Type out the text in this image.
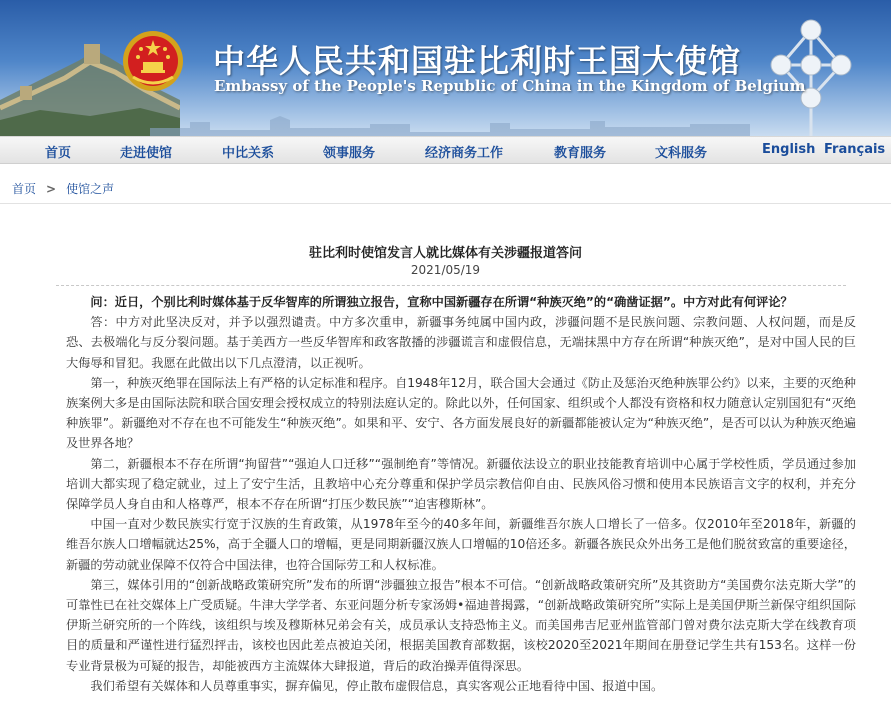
中华人民共和国驻比利时王国大使馆
Embassy of the People's Republic of China in the Kingdom of Belgium
首页	走进使馆	中比关系	领事服务	经济商务工作	教育服务	文科服务	English Français
首页 > 使馆之声
驻比利时使馆发言人就比媒体有关涉疆报道答问
2021/05/19

问：近日，个别比利时媒体基于反华智库的所谓独立报告，宣称中国新疆存在所谓“种族灭绝”的“确凿证据”。中方对此有何评论？

答：中方对此坚决反对，并予以强烈谴责。中方多次重申，新疆事务纯属中国内政，涉疆问题不是民族问题、宗教问题、人权问题，而是反恐、去极端化与反分裂问题。基于美西方一些反华智库和政客散播的涉疆谎言和虚假信息，无端抹黑中方存在所谓“种族灭绝”，是对中国人民的巨大侮辱和冒犯。我愿在此做出以下几点澄清，以正视听。

第一，种族灭绝罪在国际法上有严格的认定标准和程序。自1948年12月，联合国大会通过《防止及惩治灭绝种族罪公约》以来，主要的灭绝种族案例大多是由国际法院和联合国安理会授权成立的特别法庭认定的。除此以外，任何国家、组织或个人都没有资格和权力随意认定别国犯有“灭绝种族罪”。新疆绝对不存在也不可能发生“种族灭绝”。如果和平、安宁、各方面发展良好的新疆都能被认定为“种族灭绝”，是否可以认为种族灭绝遍及世界各地？

第二，新疆根本不存在所谓“拘留营”“强迫人口迁移”“强制绝育”等情况。新疆依法设立的职业技能教育培训中心属于学校性质，学员通过参加培训大都实现了稳定就业，过上了安宁生活，且教培中心充分尊重和保护学员宗教信仰自由、民族风俗习惯和使用本民族语言文字的权利，并充分保障学员人身自由和人格尊严，根本不存在所谓“打压少数民族”“迫害穆斯林”。

中国一直对少数民族实行宽于汉族的生育政策，从1978年至今的40多年间，新疆维吾尔族人口增长了一倍多。仅2010年至2018年，新疆的维吾尔族人口增幅就达25%，高于全疆人口的增幅，更是同期新疆汉族人口增幅的10倍还多。新疆各族民众外出务工是他们脱贫致富的重要途径，新疆的劳动就业保障不仅符合中国法律，也符合国际劳工和人权标准。

第三，媒体引用的“创新战略政策研究所”发布的所谓“涉疆独立报告”根本不可信。“创新战略政策研究所”及其资助方“美国费尔法克斯大学”的可靠性已在社交媒体上广受质疑。牛津大学学者、东亚问题分析专家汤姆•福迪普揭露，“创新战略政策研究所”实际上是美国伊斯兰新保守组织国际伊斯兰研究所的一个阵线，该组织与埃及穆斯林兄弟会有关，成员承认支持恐怖主义。而美国弗吉尼亚州监管部门曾对费尔法克斯大学在线教育项目的质量和严谨性进行猛烈抨击，该校也因此差点被迫关闭，根据美国教育部数据，该校2020至2021年期间在册登记学生共有153名。这样一份专业背景极为可疑的报告，却能被西方主流媒体大肆报道，背后的政治操弄值得深思。

我们希望有关媒体和人员尊重事实，摒弃偏见，停止散布虚假信息，真实客观公正地看待中国、报道中国。
